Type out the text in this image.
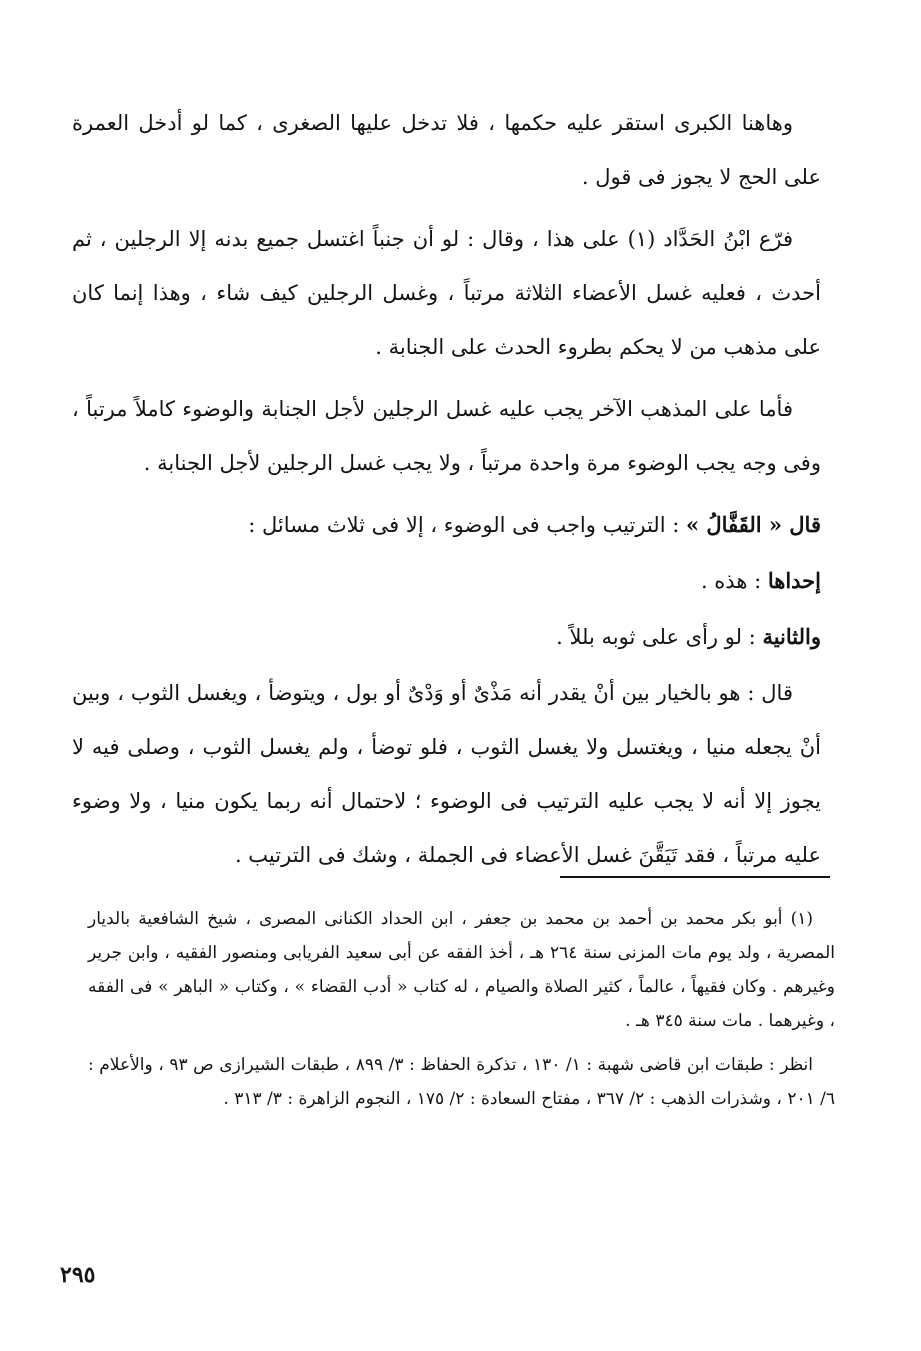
وهاهنا الكبرى استقر عليه حكمها ، فلا تدخل عليها الصغرى ، كما لو أدخل العمرة على الحج لا يجوز فى قول .

فرّع ابْنُ الحَدَّاد (١) على هذا ، وقال : لو أن جنباً اغتسل جميع بدنه إلا الرجلين ، ثم أحدث ، فعليه غسل الأعضاء الثلاثة مرتباً ، وغسل الرجلين كيف شاء ، وهذا إنما كان على مذهب من لا يحكم بطروء الحدث على الجنابة .

فأما على المذهب الآخر يجب عليه غسل الرجلين لأجل الجنابة والوضوء كاملاً مرتباً ، وفى وجه يجب الوضوء مرة واحدة مرتباً ، ولا يجب غسل الرجلين لأجل الجنابة .

قال « القَفَّالُ » : الترتيب واجب فى الوضوء ، إلا فى ثلاث مسائل :

إحداها : هذه .

والثانية : لو رأى على ثوبه بللاً .

قال : هو بالخيار بين أنْ يقدر أنه مَذْىٌ أو وَدْىٌ أو بول ، ويتوضأ ، ويغسل الثوب ، وبين أنْ يجعله منيا ، ويغتسل ولا يغسل الثوب ، فلو توضأ ، ولم يغسل الثوب ، وصلى فيه لا يجوز إلا أنه لا يجب عليه الترتيب فى الوضوء ؛ لاحتمال أنه ربما يكون منيا ، ولا وضوء عليه مرتباً ، فقد تَيَقَّنَ غسل الأعضاء فى الجملة ، وشك فى الترتيب .

(١) أبو بكر محمد بن أحمد بن محمد بن جعفر ، ابن الحداد الكنانى المصرى ، شيخ الشافعية بالديار المصرية ، ولد يوم مات المزنى سنة ٢٦٤ هـ ، أخذ الفقه عن أبى سعيد الفريابى ومنصور الفقيه ، وابن جرير وغيرهم . وكان فقيهاً ، عالماً ، كثير الصلاة والصيام ، له كتاب « أدب القضاء » ، وكتاب « الباهر » فى الفقه ، وغيرهما . مات سنة ٣٤٥ هـ .

انظر : طبقات ابن قاضى شهبة : ١/ ١٣٠ ، تذكرة الحفاظ : ٣/ ٨٩٩ ، طبقات الشيرازى ص ٩٣ ، والأعلام : ٦/ ٢٠١ ، وشذرات الذهب : ٢/ ٣٦٧ ، مفتاح السعادة : ٢/ ١٧٥ ، النجوم الزاهرة : ٣/ ٣١٣ .

٢٩٥
